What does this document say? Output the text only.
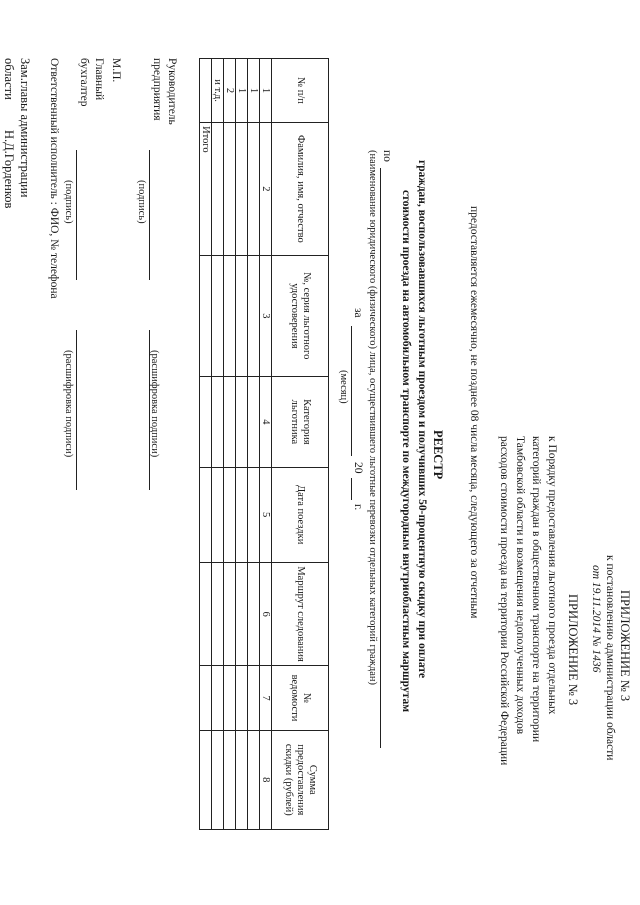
ПРИЛОЖЕНИЕ № 3
к постановлению администрации области
от 19.11.2014 № 1436
ПРИЛОЖЕНИЕ № 3
к Порядку предоставления льготного проезда отдельных
категорий граждан в общественном транспорте на территории
Тамбовской области и возмещения недополученных доходов
расходов стоимости проезда на территории Российской Федерации
предоставляется ежемесячно, не позднее 08 числа месяца, следующего за отчетным
РЕЕСТР
граждан, воспользовавшихся льготным проездом и получивших 50-процентную скидку при оплате
стоимости проезда на автомобильном транспорте по междугородным внутриобластным маршрутам
по
(наименование юридического (физического) лица, осуществившего льготные перевозки отдельных категорий граждан)
за
20
г.
(месяц)
№ п/п	Фамилия, имя, отчество	№, серия льготного удостоверения	Категория льготника	Дата поездки	Маршрут следования	№ ведомости	Сумма предоставления скидки (рублей)
1	2	3	4	5	6	7	8
1							
1							
2							
и т.д.							
	Итого						
Руководитель
предприятия
(подпись)
(расшифровка подписи)
М.П.
Главный
бухгалтер
(подпись)
(расшифровка подписи)
Ответственный исполнитель : ФИО, № телефона
Зам.главы администрации
области
Н.Д.Горденков
